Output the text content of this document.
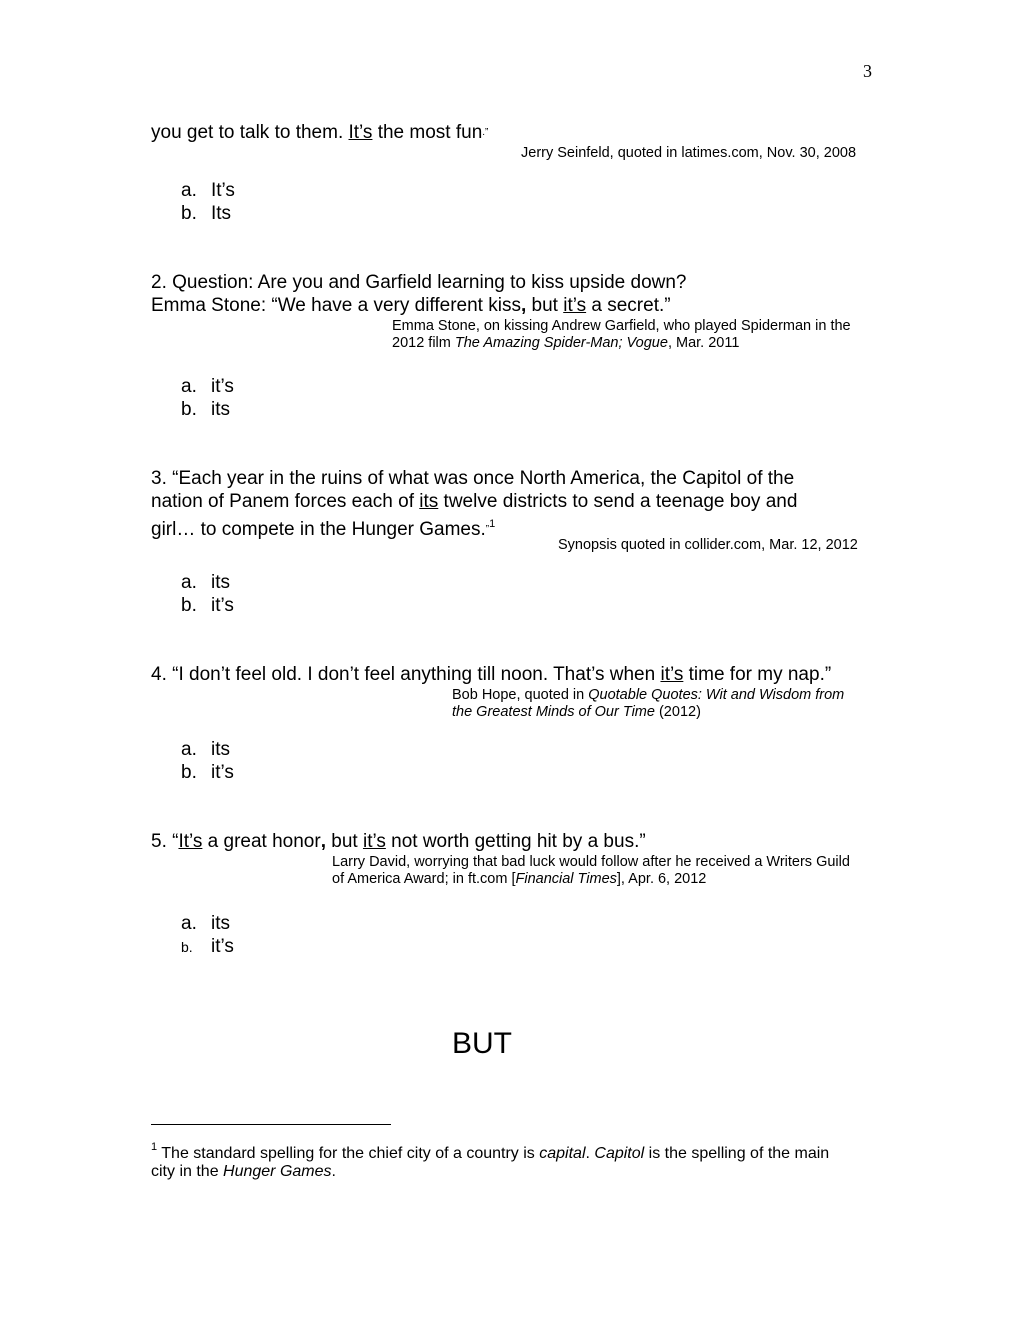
3
you get to talk to them. It’s the most fun.”
Jerry Seinfeld, quoted in latimes.com, Nov. 30, 2008
a. It’s
b. Its
2. Question: Are you and Garfield learning to kiss upside down?
Emma Stone: “We have a very different kiss, but it’s a secret.”
Emma Stone, on kissing Andrew Garfield, who played Spiderman in the
2012 film The Amazing Spider-Man; Vogue, Mar. 2011
a. it’s
b. its
3. “Each year in the ruins of what was once North America, the Capitol of the
nation of Panem forces each of its twelve districts to send a teenage boy and
girl… to compete in the Hunger Games.”$^1$
Synopsis quoted in collider.com, Mar. 12, 2012
a. its
b. it’s
4. “I don’t feel old. I don’t feel anything till noon. That’s when it’s time for my nap.”
Bob Hope, quoted in Quotable Quotes: Wit and Wisdom from
the Greatest Minds of Our Time (2012)
a. its
b. it’s
5. “It’s a great honor, but it’s not worth getting hit by a bus.”
Larry David, worrying that bad luck would follow after he received a Writers Guild
of America Award; in ft.com [Financial Times], Apr. 6, 2012
a. its
b. it’s
BUT
$^1$ The standard spelling for the chief city of a country is capital. Capitol is the spelling of the main
city in the Hunger Games.
